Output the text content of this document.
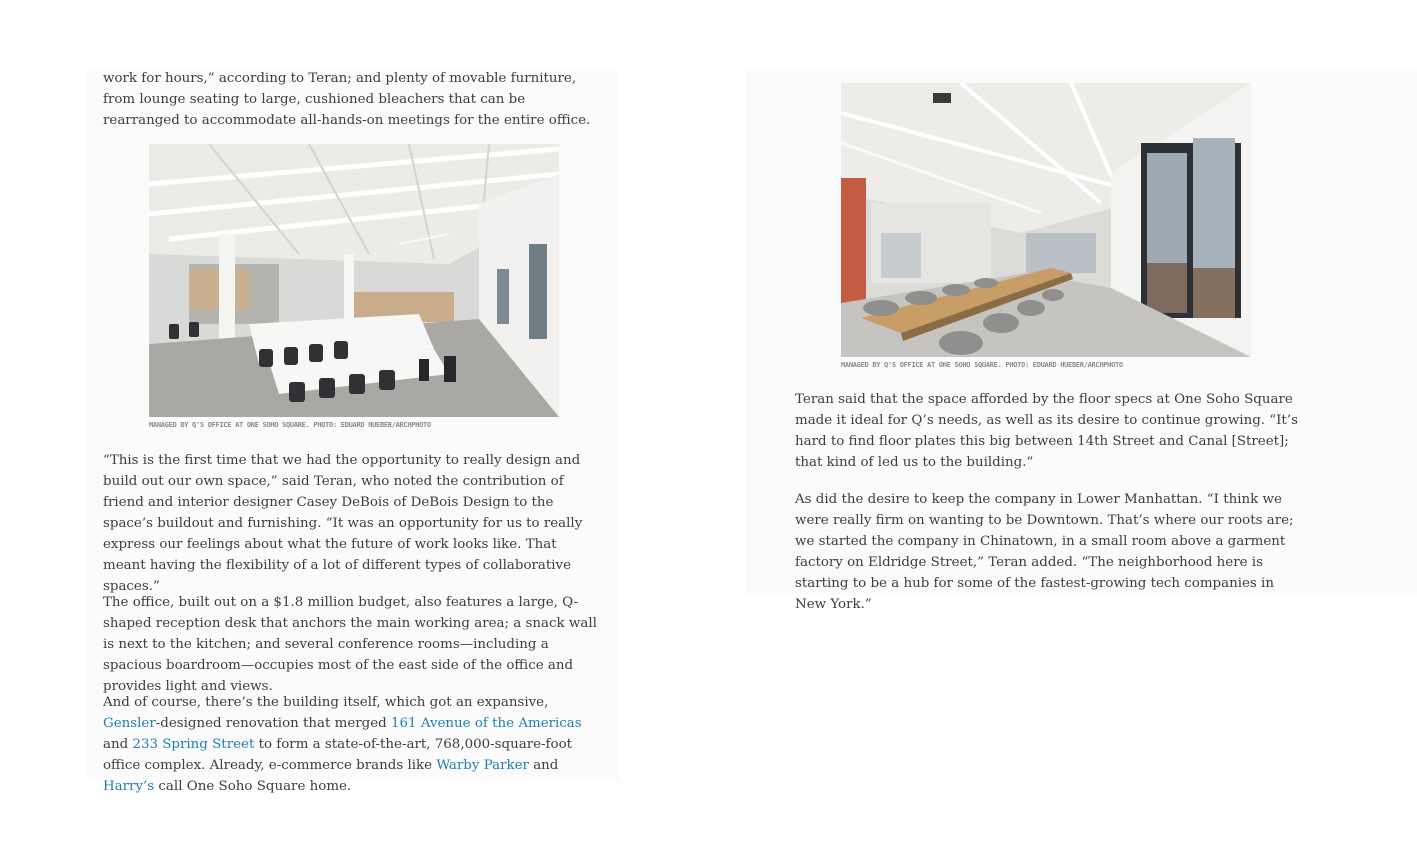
work for hours,” according to Teran; and plenty of movable furniture, from lounge seating to large, cushioned bleachers that can be rearranged to accommodate all-hands-on meetings for the entire office.

MANAGED BY Q'S OFFICE AT ONE SOHO SQUARE. PHOTO: EDUARD HUEBER/ARCHPHOTO

“This is the first time that we had the opportunity to really design and build out our own space,” said Teran, who noted the contribution of friend and interior designer Casey DeBois of DeBois Design to the space’s buildout and furnishing. “It was an opportunity for us to really express our feelings about what the future of work looks like. That meant having the flexibility of a lot of different types of collaborative spaces.”

The office, built out on a $1.8 million budget, also features a large, Q-shaped reception desk that anchors the main working area; a snack wall is next to the kitchen; and several conference rooms—including a spacious boardroom—occupies most of the east side of the office and provides light and views.

And of course, there’s the building itself, which got an expansive, Gensler-designed renovation that merged 161 Avenue of the Americas and 233 Spring Street to form a state-of-the-art, 768,000-square-foot office complex. Already, e-commerce brands like Warby Parker and Harry’s call One Soho Square home.

MANAGED BY Q'S OFFICE AT ONE SOHO SQUARE. PHOTO: EDUARD HUEBER/ARCHPHOTO

Teran said that the space afforded by the floor specs at One Soho Square made it ideal for Q’s needs, as well as its desire to continue growing. “It’s hard to find floor plates this big between 14th Street and Canal [Street]; that kind of led us to the building.”

As did the desire to keep the company in Lower Manhattan. “I think we were really firm on wanting to be Downtown. That’s where our roots are; we started the company in Chinatown, in a small room above a garment factory on Eldridge Street,” Teran added. “The neighborhood here is starting to be a hub for some of the fastest-growing tech companies in New York.”
